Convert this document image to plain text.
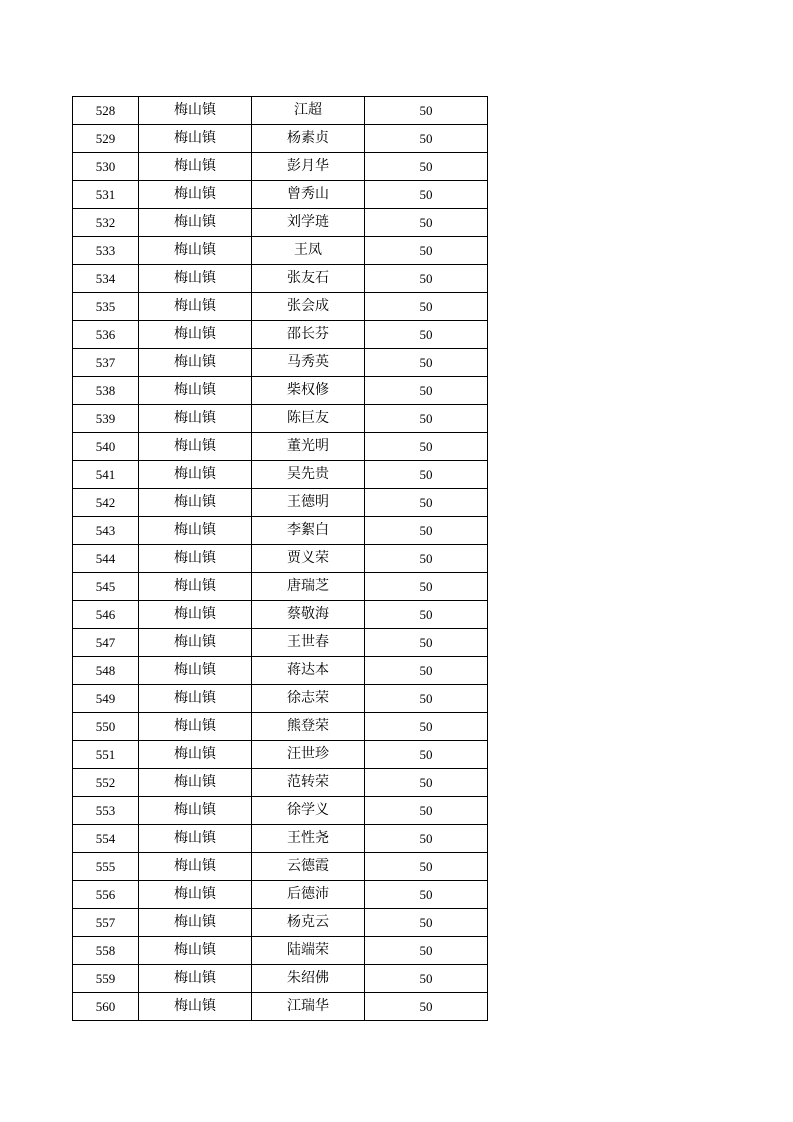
528	梅山镇	江超	50
529	梅山镇	杨素贞	50
530	梅山镇	彭月华	50
531	梅山镇	曾秀山	50
532	梅山镇	刘学琏	50
533	梅山镇	王凤	50
534	梅山镇	张友石	50
535	梅山镇	张会成	50
536	梅山镇	邵长芬	50
537	梅山镇	马秀英	50
538	梅山镇	柴权修	50
539	梅山镇	陈巨友	50
540	梅山镇	董光明	50
541	梅山镇	吴先贵	50
542	梅山镇	王德明	50
543	梅山镇	李絮白	50
544	梅山镇	贾义荣	50
545	梅山镇	唐瑞芝	50
546	梅山镇	蔡敬海	50
547	梅山镇	王世春	50
548	梅山镇	蒋达本	50
549	梅山镇	徐志荣	50
550	梅山镇	熊登荣	50
551	梅山镇	汪世珍	50
552	梅山镇	范转荣	50
553	梅山镇	徐学义	50
554	梅山镇	王性尧	50
555	梅山镇	云德霞	50
556	梅山镇	后德沛	50
557	梅山镇	杨克云	50
558	梅山镇	陆端荣	50
559	梅山镇	朱绍佛	50
560	梅山镇	江瑞华	50
